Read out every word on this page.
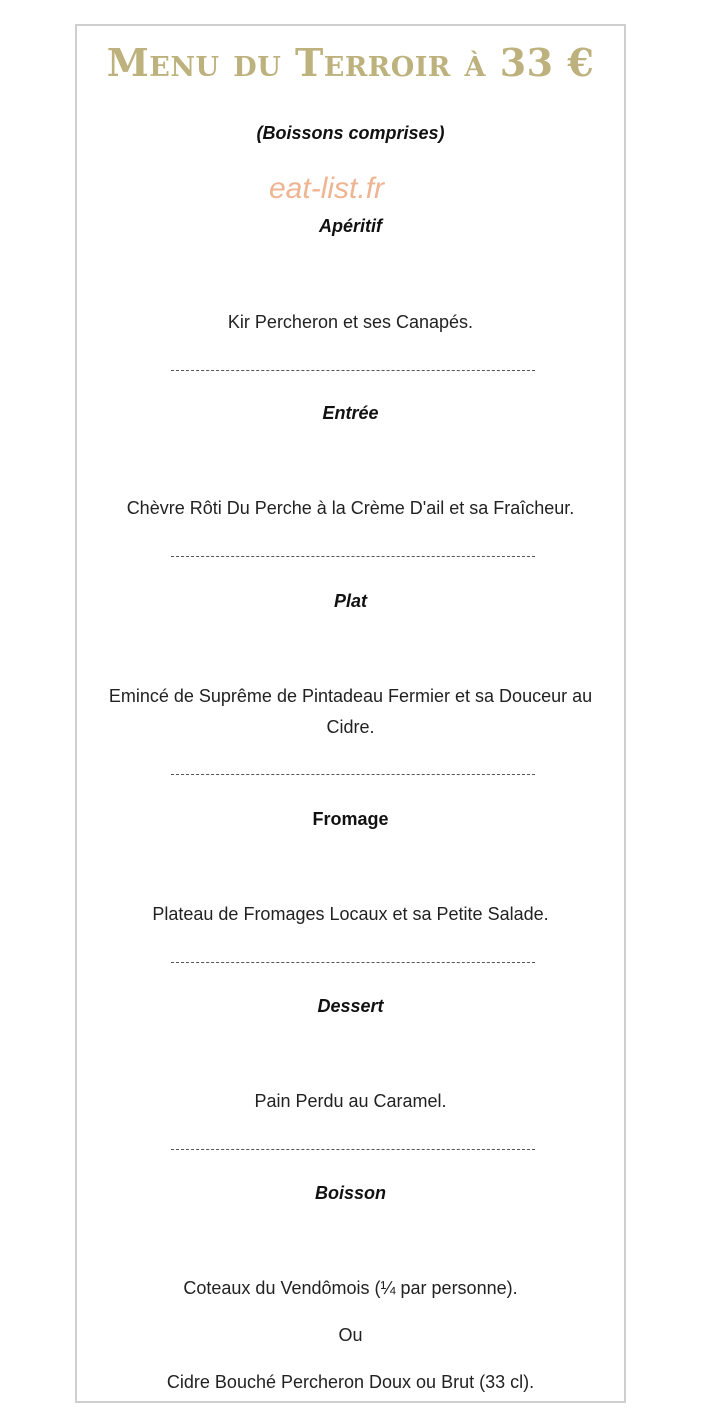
Menu du Terroir à 33 €
(Boissons comprises)
eat-list.fr
Apéritif
Kir Percheron et ses Canapés.
Entrée
Chèvre Rôti Du Perche à la Crème D'ail et sa Fraîcheur.
Plat
Emincé de Suprême de Pintadeau Fermier et sa Douceur au Cidre.
Fromage
Plateau de Fromages Locaux et sa Petite Salade.
Dessert
Pain Perdu au Caramel.
Boisson
Coteaux du Vendômois (¼ par personne).
Ou
Cidre Bouché Percheron Doux ou Brut (33 cl).
